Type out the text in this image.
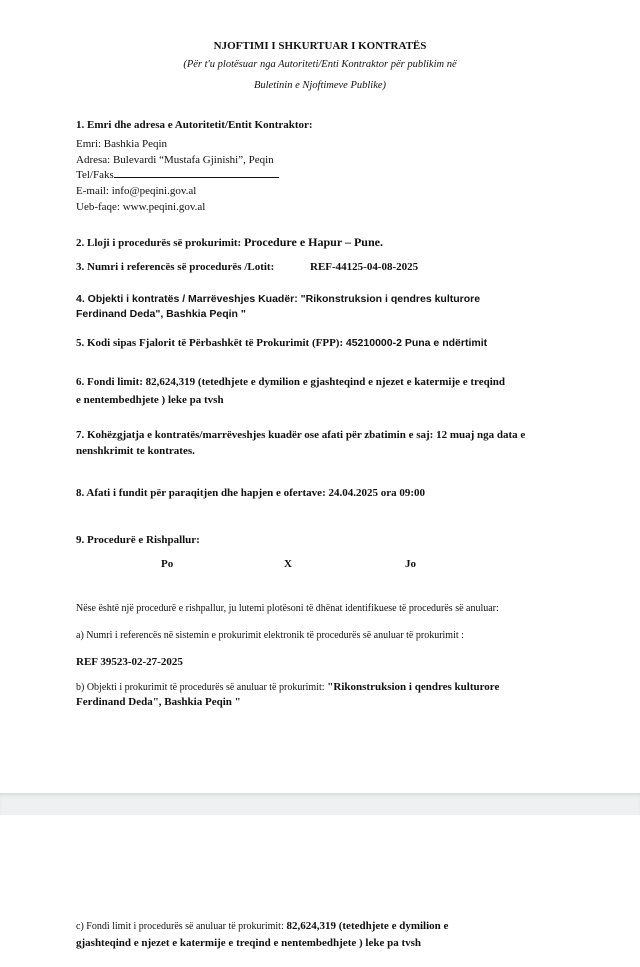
NJOFTIMI I SHKURTUAR I KONTRATËS
(Për t'u plotësuar nga Autoriteti/Enti Kontraktor për publikim në
Buletinin e Njoftimeve Publike)
1. Emri dhe adresa e Autoritetit/Entit Kontraktor:
Emri: Bashkia Peqin
Adresa: Bulevardi “Mustafa Gjinishi”, Peqin
Tel/Faks
E-mail: info@peqini.gov.al
Ueb-faqe: www.peqini.gov.al
2. Lloji i procedurës së prokurimit: Procedure e Hapur – Pune.
3. Numri i referencës së procedurës /Lotit:	REF-44125-04-08-2025
4. Objekti i kontratës / Marrëveshjes Kuadër: "Rikonstruksion i qendres kulturore
Ferdinand Deda", Bashkia Peqin "
5. Kodi sipas Fjalorit të Përbashkët të Prokurimit (FPP): 45210000-2 Puna e ndërtimit
6. Fondi limit: 82,624,319 (tetedhjete e dymilion e gjashteqind e njezet e katermije e treqind
e nentembedhjete ) leke pa tvsh
7. Kohëzgjatja e kontratës/marrëveshjes kuadër ose afati për zbatimin e saj: 12 muaj nga data e
nenshkrimit te kontrates.
8. Afati i fundit për paraqitjen dhe hapjen e ofertave: 24.04.2025 ora 09:00
9. Procedurë e Rishpallur:
Po	X	Jo
Nëse është një procedurë e rishpallur, ju lutemi plotësoni të dhënat identifikuese të procedurës së anuluar:
a) Numri i referencës në sistemin e prokurimit elektronik të procedurës së anuluar të prokurimit :
REF 39523-02-27-2025
b) Objekti i prokurimit të procedurës së anuluar të prokurimit: "Rikonstruksion i qendres kulturore
Ferdinand Deda", Bashkia Peqin "
c) Fondi limit i procedurës së anuluar të prokurimit: 82,624,319 (tetedhjete e dymilion e
gjashteqind e njezet e katermije e treqind e nentembedhjete ) leke pa tvsh
